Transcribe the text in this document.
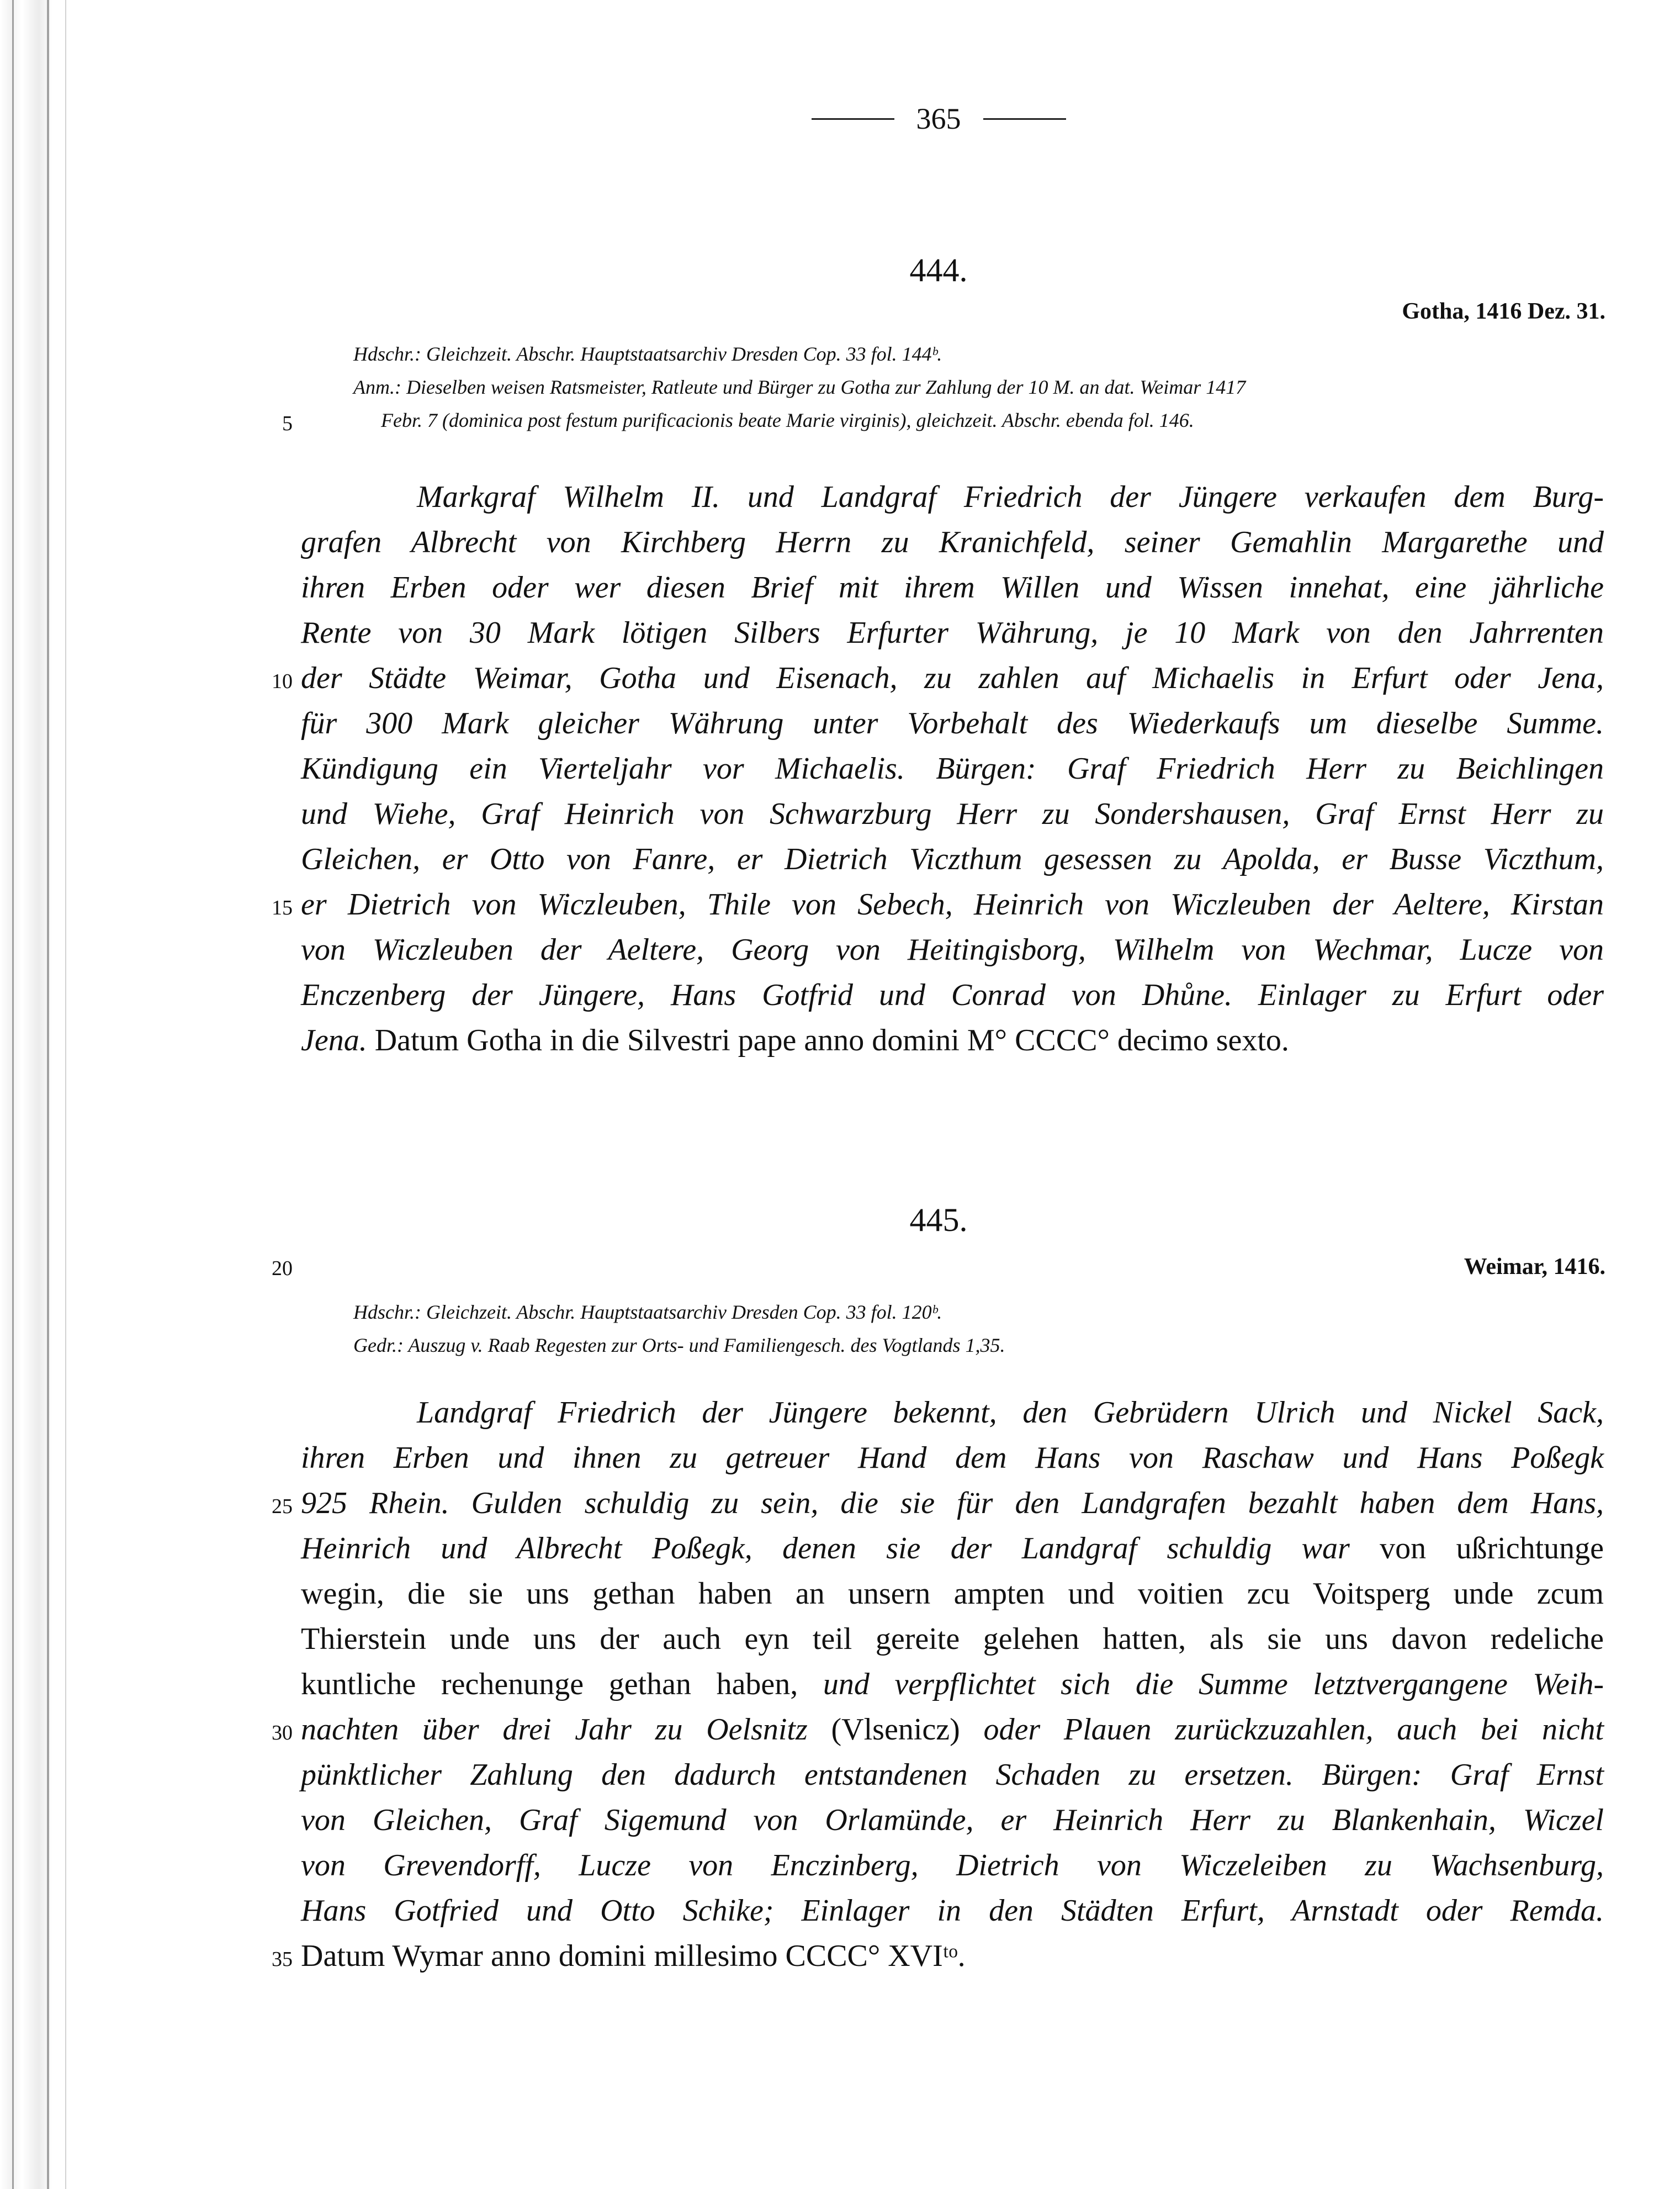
365
444.
Gotha, 1416 Dez. 31.
Hdschr.: Gleichzeit. Abschr. Hauptstaatsarchiv Dresden Cop. 33 fol. 144ᵇ.
Anm.: Dieselben weisen Ratsmeister, Ratleute und Bürger zu Gotha zur Zahlung der 10 M. an dat. Weimar 1417
Febr. 7 (dominica post festum purificacionis beate Marie virginis), gleichzeit. Abschr. ebenda fol. 146.
5
Markgraf Wilhelm II. und Landgraf Friedrich der Jüngere verkaufen dem Burg-
grafen Albrecht von Kirchberg Herrn zu Kranichfeld, seiner Gemahlin Margarethe und
ihren Erben oder wer diesen Brief mit ihrem Willen und Wissen innehat, eine jährliche
Rente von 30 Mark lötigen Silbers Erfurter Währung, je 10 Mark von den Jahrrenten
10 der Städte Weimar, Gotha und Eisenach, zu zahlen auf Michaelis in Erfurt oder Jena,
für 300 Mark gleicher Währung unter Vorbehalt des Wiederkaufs um dieselbe Summe.
Kündigung ein Vierteljahr vor Michaelis. Bürgen: Graf Friedrich Herr zu Beichlingen
und Wiehe, Graf Heinrich von Schwarzburg Herr zu Sondershausen, Graf Ernst Herr zu
Gleichen, er Otto von Fanre, er Dietrich Viczthum gesessen zu Apolda, er Busse Viczthum,
15 er Dietrich von Wiczleuben, Thile von Sebech, Heinrich von Wiczleuben der Aeltere, Kirstan
von Wiczleuben der Aeltere, Georg von Heitingisborg, Wilhelm von Wechmar, Lucze von
Enczenberg der Jüngere, Hans Gotfrid und Conrad von Dhůne. Einlager zu Erfurt oder
Jena. Datum Gotha in die Silvestri pape anno domini M° CCCC° decimo sexto.
445.
20	Weimar, 1416.
Hdschr.: Gleichzeit. Abschr. Hauptstaatsarchiv Dresden Cop. 33 fol. 120ᵇ.
Gedr.: Auszug v. Raab Regesten zur Orts- und Familiengesch. des Vogtlands 1,35.
Landgraf Friedrich der Jüngere bekennt, den Gebrüdern Ulrich und Nickel Sack,
ihren Erben und ihnen zu getreuer Hand dem Hans von Raschaw und Hans Poßegk
25 925 Rhein. Gulden schuldig zu sein, die sie für den Landgrafen bezahlt haben dem Hans,
Heinrich und Albrecht Poßegk, denen sie der Landgraf schuldig war von ußrichtunge
wegin, die sie uns gethan haben an unsern ampten und voitien zcu Voitsperg unde zcum
Thierstein unde uns der auch eyn teil gereite gelehen hatten, als sie uns davon redeliche
kuntliche rechenunge gethan haben, und verpflichtet sich die Summe letztvergangene Weih-
30 nachten über drei Jahr zu Oelsnitz (Vlsenicz) oder Plauen zurückzuzahlen, auch bei nicht
pünktlicher Zahlung den dadurch entstandenen Schaden zu ersetzen. Bürgen: Graf Ernst
von Gleichen, Graf Sigemund von Orlamünde, er Heinrich Herr zu Blankenhain, Wiczel
von Grevendorff, Lucze von Enczinberg, Dietrich von Wiczeleiben zu Wachsenburg,
Hans Gotfried und Otto Schike; Einlager in den Städten Erfurt, Arnstadt oder Remda.
35 Datum Wymar anno domini millesimo CCCC° XVIᵗᵒ.
